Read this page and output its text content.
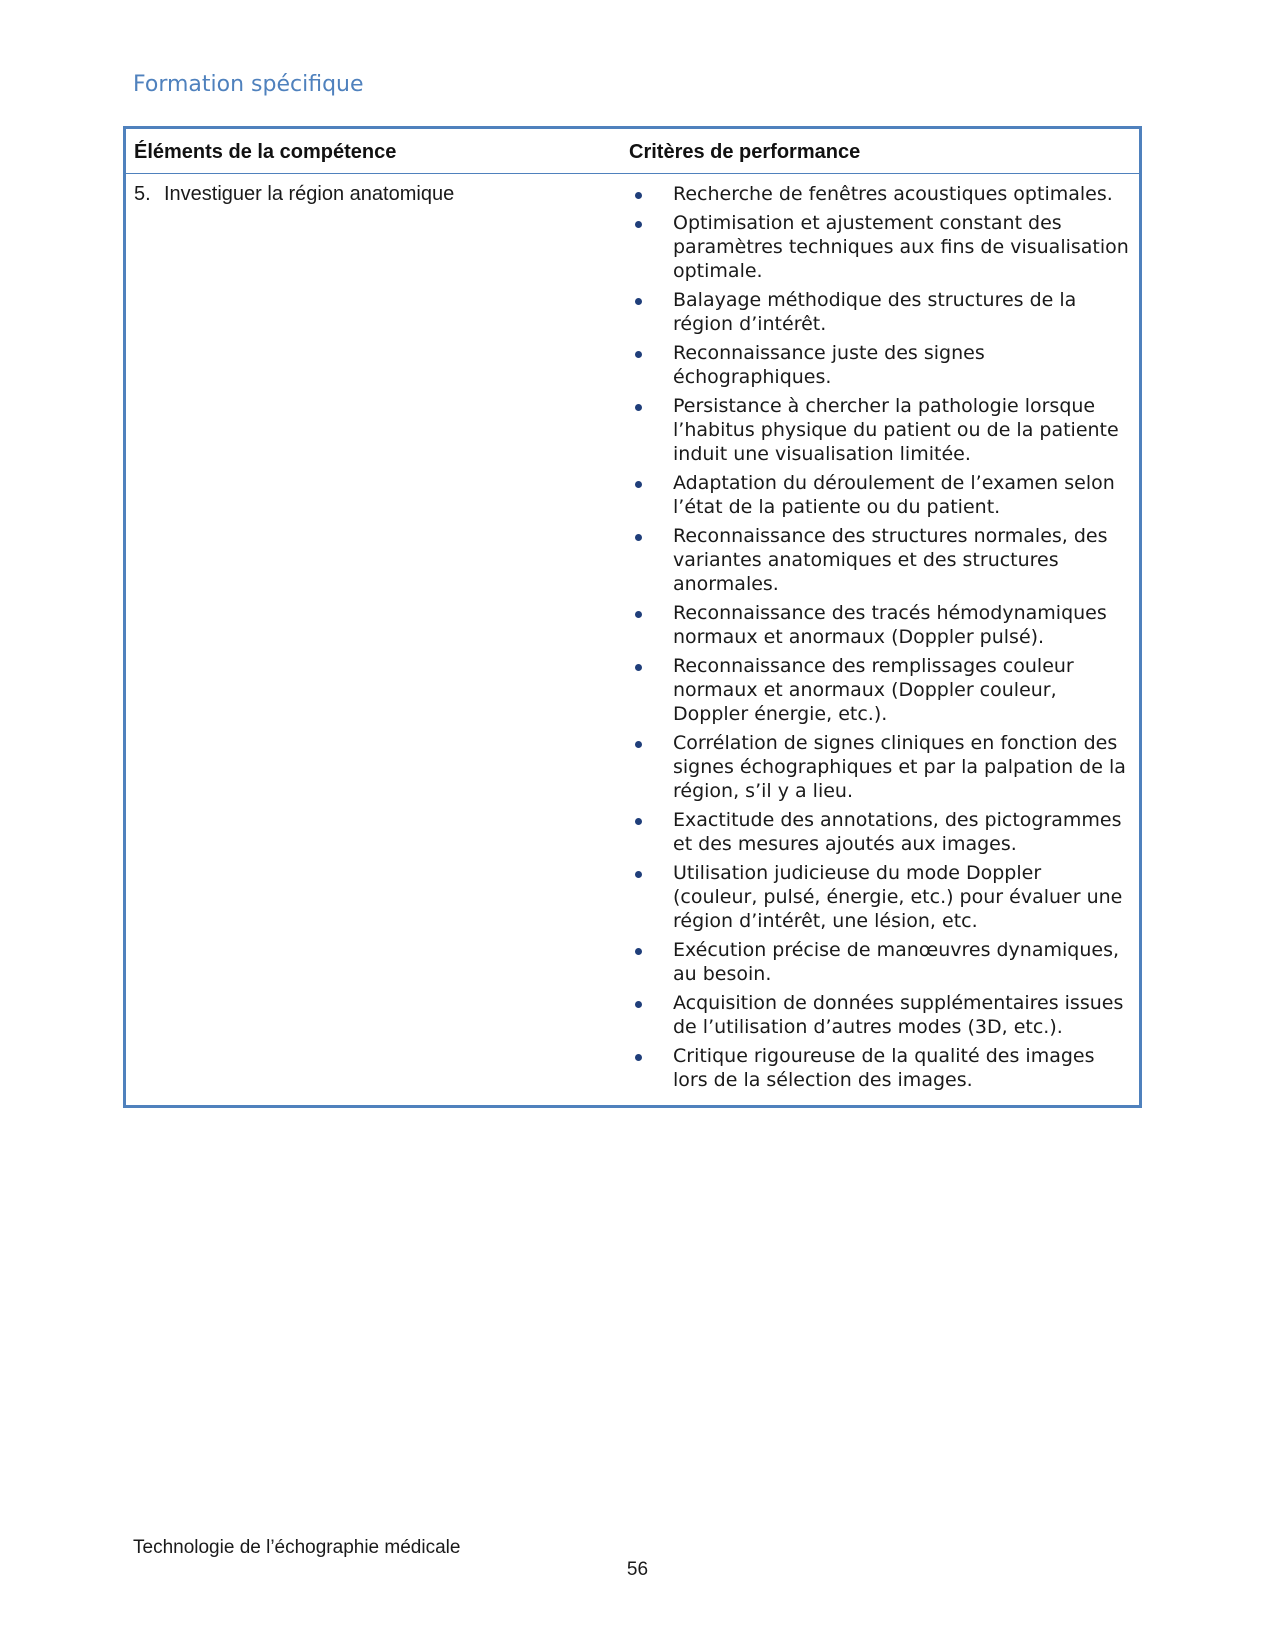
Formation spécifique
Éléments de la compétence	Critères de performance
5. Investiguer la région anatomique	Recherche de fenêtres acoustiques optimales.
Optimisation et ajustement constant des paramètres techniques aux fins de visualisation optimale.
Balayage méthodique des structures de la région d’intérêt.
Reconnaissance juste des signes échographiques.
Persistance à chercher la pathologie lorsque l’habitus physique du patient ou de la patiente induit une visualisation limitée.
Adaptation du déroulement de l’examen selon l’état de la patiente ou du patient.
Reconnaissance des structures normales, des variantes anatomiques et des structures anormales.
Reconnaissance des tracés hémodynamiques normaux et anormaux (Doppler pulsé).
Reconnaissance des remplissages couleur normaux et anormaux (Doppler couleur, Doppler énergie, etc.).
Corrélation de signes cliniques en fonction des signes échographiques et par la palpation de la région, s’il y a lieu.
Exactitude des annotations, des pictogrammes et des mesures ajoutés aux images.
Utilisation judicieuse du mode Doppler (couleur, pulsé, énergie, etc.) pour évaluer une région d’intérêt, une lésion, etc.
Exécution précise de manœuvres dynamiques, au besoin.
Acquisition de données supplémentaires issues de l’utilisation d’autres modes (3D, etc.).
Critique rigoureuse de la qualité des images lors de la sélection des images.
Technologie de l’échographie médicale
56
